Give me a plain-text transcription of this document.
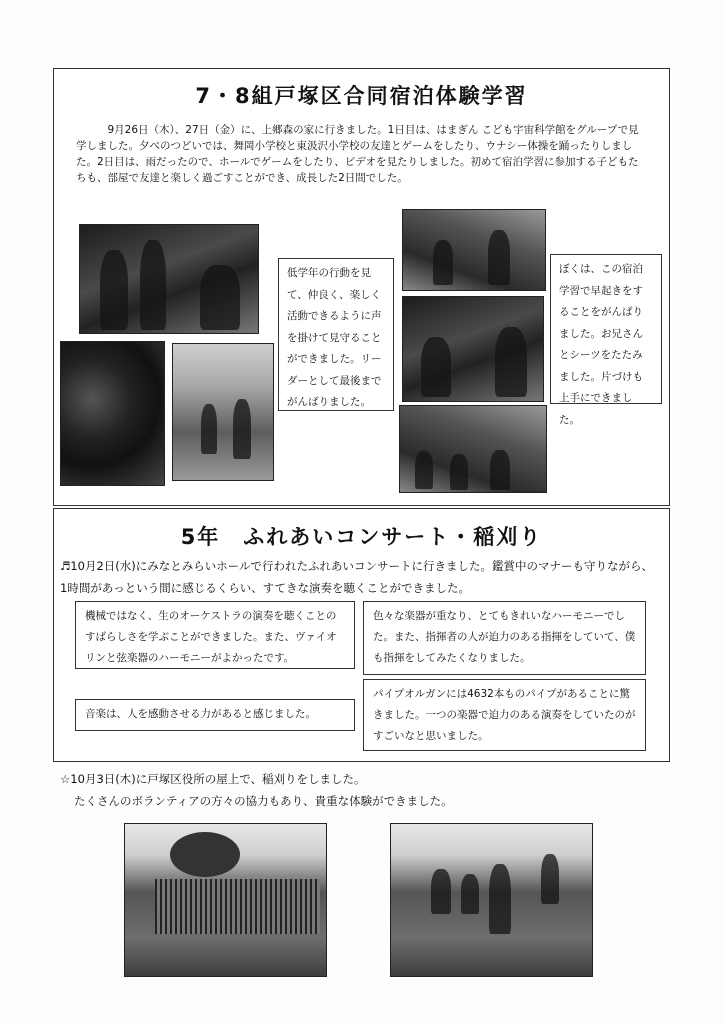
7・8組戸塚区合同宿泊体験学習
9月26日（木）、27日（金）に、上郷森の家に行きました。1日目は、はまぎん こども宇宙科学館をグループで見学しました。夕べのつどいでは、舞岡小学校と東汲沢小学校の友達とゲームをしたり、ウナシー体操を踊ったりしました。2日目は、雨だったので、ホールでゲームをしたり、ビデオを見たりしました。初めて宿泊学習に参加する子どもたちも、部屋で友達と楽しく過ごすことができ、成長した2日間でした。
低学年の行動を見て、仲良く、楽しく活動できるように声を掛けて見守ることができました。リーダーとして最後までがんばりました。
ぼくは、この宿泊学習で早起きをすることをがんばりました。お兄さんとシーツをたたみました。片づけも上手にできました。
5年　ふれあいコンサート・稲刈り
♬10月2日(水)にみなとみらいホールで行われたふれあいコンサートに行きました。鑑賞中のマナーも守りながら、1時間があっという間に感じるくらい、すてきな演奏を聴くことができました。
機械ではなく、生のオーケストラの演奏を聴くことのすばらしさを学ぶことができました。また、ヴァイオリンと弦楽器のハーモニーがよかったです。
色々な楽器が重なり、とてもきれいなハーモニーでした。また、指揮者の人が迫力のある指揮をしていて、僕も指揮をしてみたくなりました。
音楽は、人を感動させる力があると感じました。
パイプオルガンには4632本ものパイプがあることに驚きました。一つの楽器で迫力のある演奏をしていたのがすごいなと思いました。
☆10月3日(木)に戸塚区役所の屋上で、稲刈りをしました。
たくさんのボランティアの方々の協力もあり、貴重な体験ができました。
